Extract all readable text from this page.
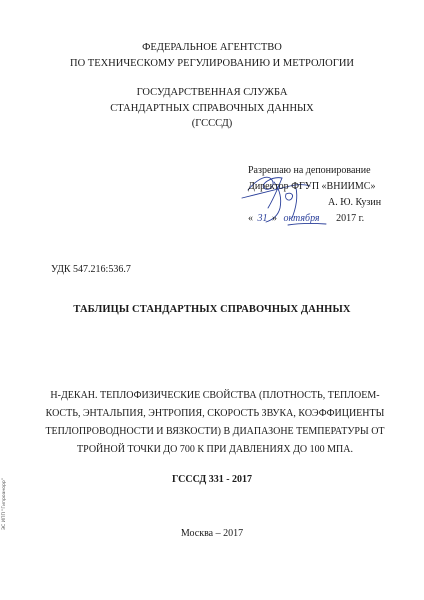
ФЕДЕРАЛЬНОЕ АГЕНТСТВО
ПО ТЕХНИЧЕСКОМУ РЕГУЛИРОВАНИЮ И МЕТРОЛОГИИ
ГОСУДАРСТВЕННАЯ СЛУЖБА
СТАНДАРТНЫХ СПРАВОЧНЫХ ДАННЫХ
(ГСССД)
Разрешаю на депонирование
Директор ФГУП «ВНИИМС»
А. Ю. Кузин
« 31 » октября 2017 г.
УДК 547.216:536.7
ТАБЛИЦЫ СТАНДАРТНЫХ СПРАВОЧНЫХ ДАННЫХ
Н-ДЕКАН. ТЕПЛОФИЗИЧЕСКИЕ СВОЙСТВА (ПЛОТНОСТЬ, ТЕПЛОЕМ-
КОСТЬ, ЭНТАЛЬПИЯ, ЭНТРОПИЯ, СКОРОСТЬ ЗВУКА, КОЭФФИЦИЕНТЫ
ТЕПЛОПРОВОДНОСТИ И ВЯЗКОСТИ) В ДИАПАЗОНЕ ТЕМПЕРАТУРЫ ОТ
ТРОЙНОЙ ТОЧКИ ДО 700 К ПРИ ДАВЛЕНИЯХ ДО 100 МПА.
ГСССД 331 - 2017
Москва – 2017
ЭС ИПП "Гипроанорр"
